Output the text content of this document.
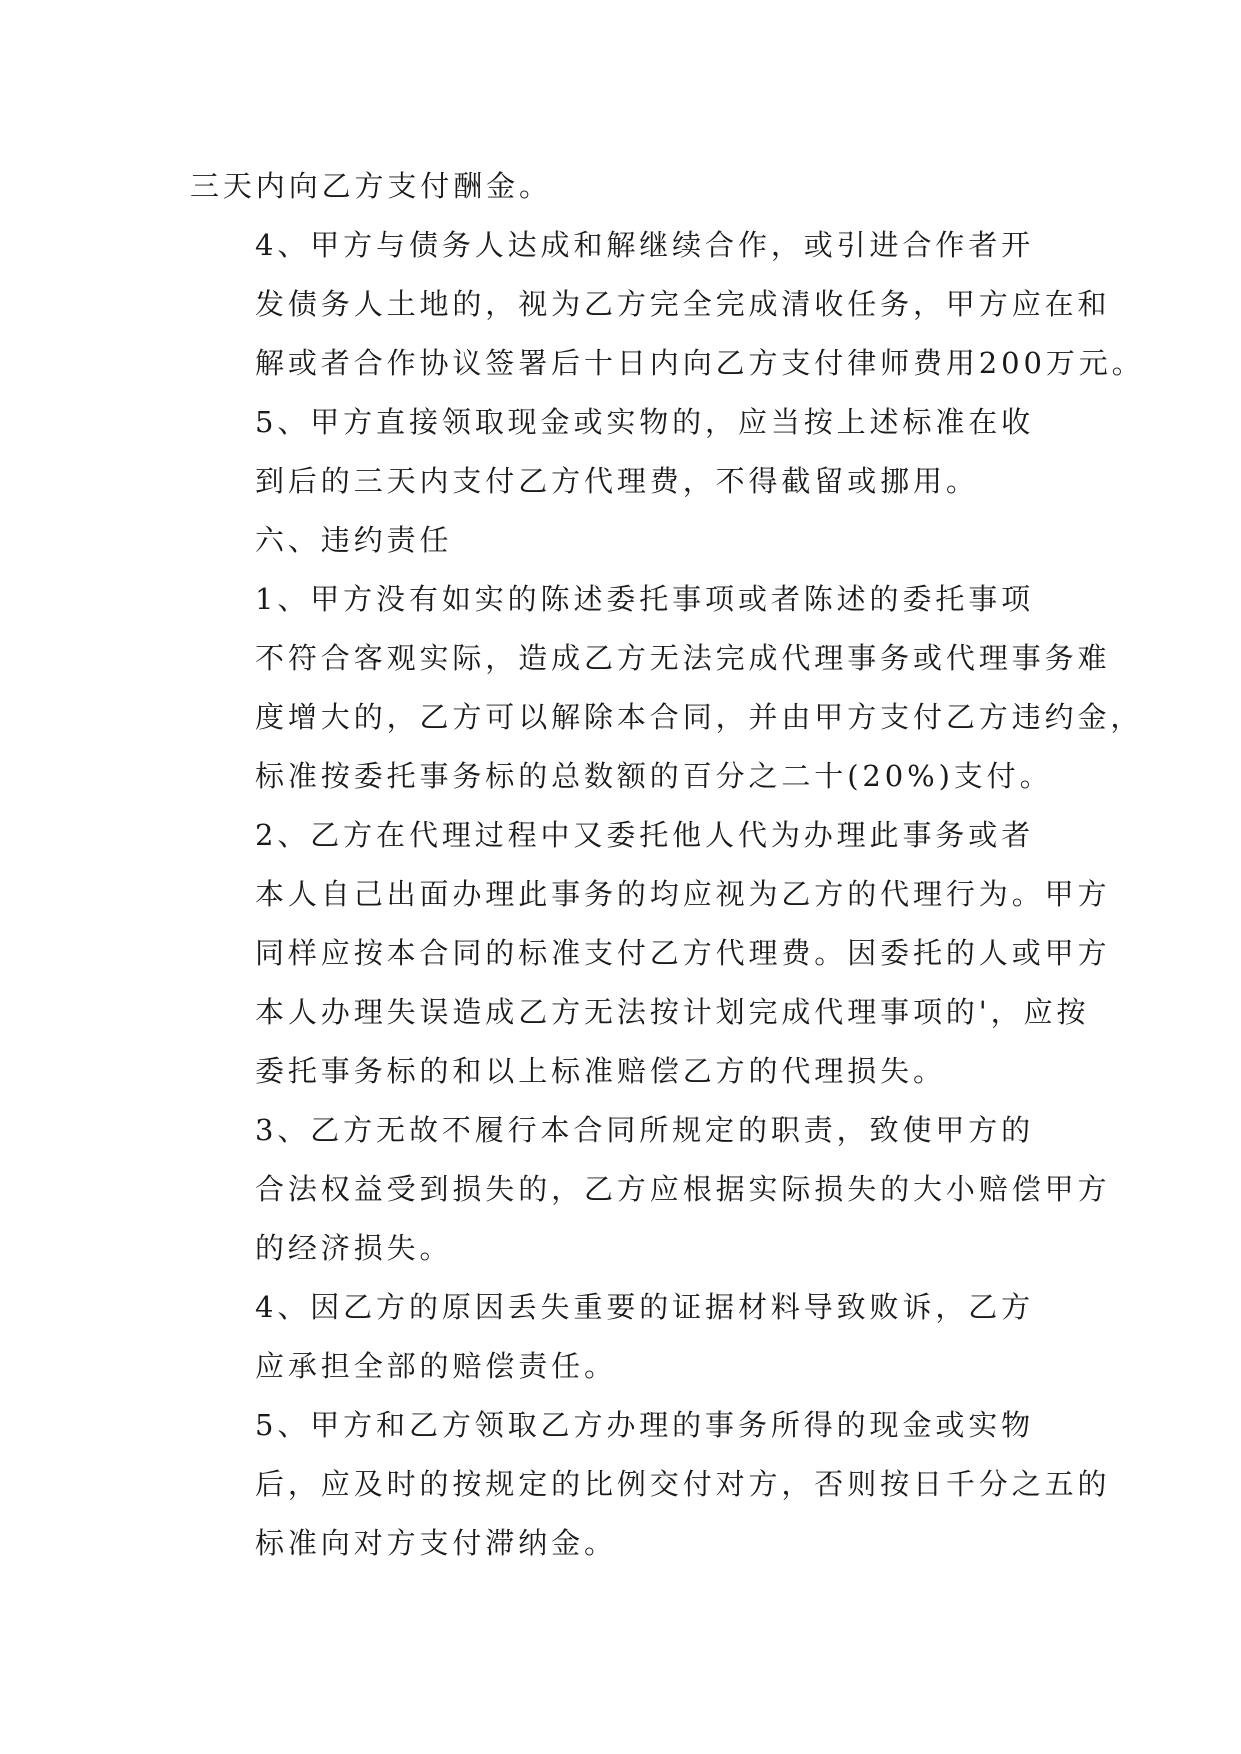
三天内向乙方支付酬金。

4、甲方与债务人达成和解继续合作，或引进合作者开
发债务人土地的，视为乙方完全完成清收任务，甲方应在和
解或者合作协议签署后十日内向乙方支付律师费用200万元。

5、甲方直接领取现金或实物的，应当按上述标准在收
到后的三天内支付乙方代理费，不得截留或挪用。

六、违约责任

1、甲方没有如实的陈述委托事项或者陈述的委托事项
不符合客观实际，造成乙方无法完成代理事务或代理事务难
度增大的，乙方可以解除本合同，并由甲方支付乙方违约金，
标准按委托事务标的总数额的百分之二十(20%)支付。

2、乙方在代理过程中又委托他人代为办理此事务或者
本人自己出面办理此事务的均应视为乙方的代理行为。甲方
同样应按本合同的标准支付乙方代理费。因委托的人或甲方
本人办理失误造成乙方无法按计划完成代理事项的'，应按
委托事务标的和以上标准赔偿乙方的代理损失。

3、乙方无故不履行本合同所规定的职责，致使甲方的
合法权益受到损失的，乙方应根据实际损失的大小赔偿甲方
的经济损失。

4、因乙方的原因丢失重要的证据材料导致败诉，乙方
应承担全部的赔偿责任。

5、甲方和乙方领取乙方办理的事务所得的现金或实物
后，应及时的按规定的比例交付对方，否则按日千分之五的
标准向对方支付滞纳金。
